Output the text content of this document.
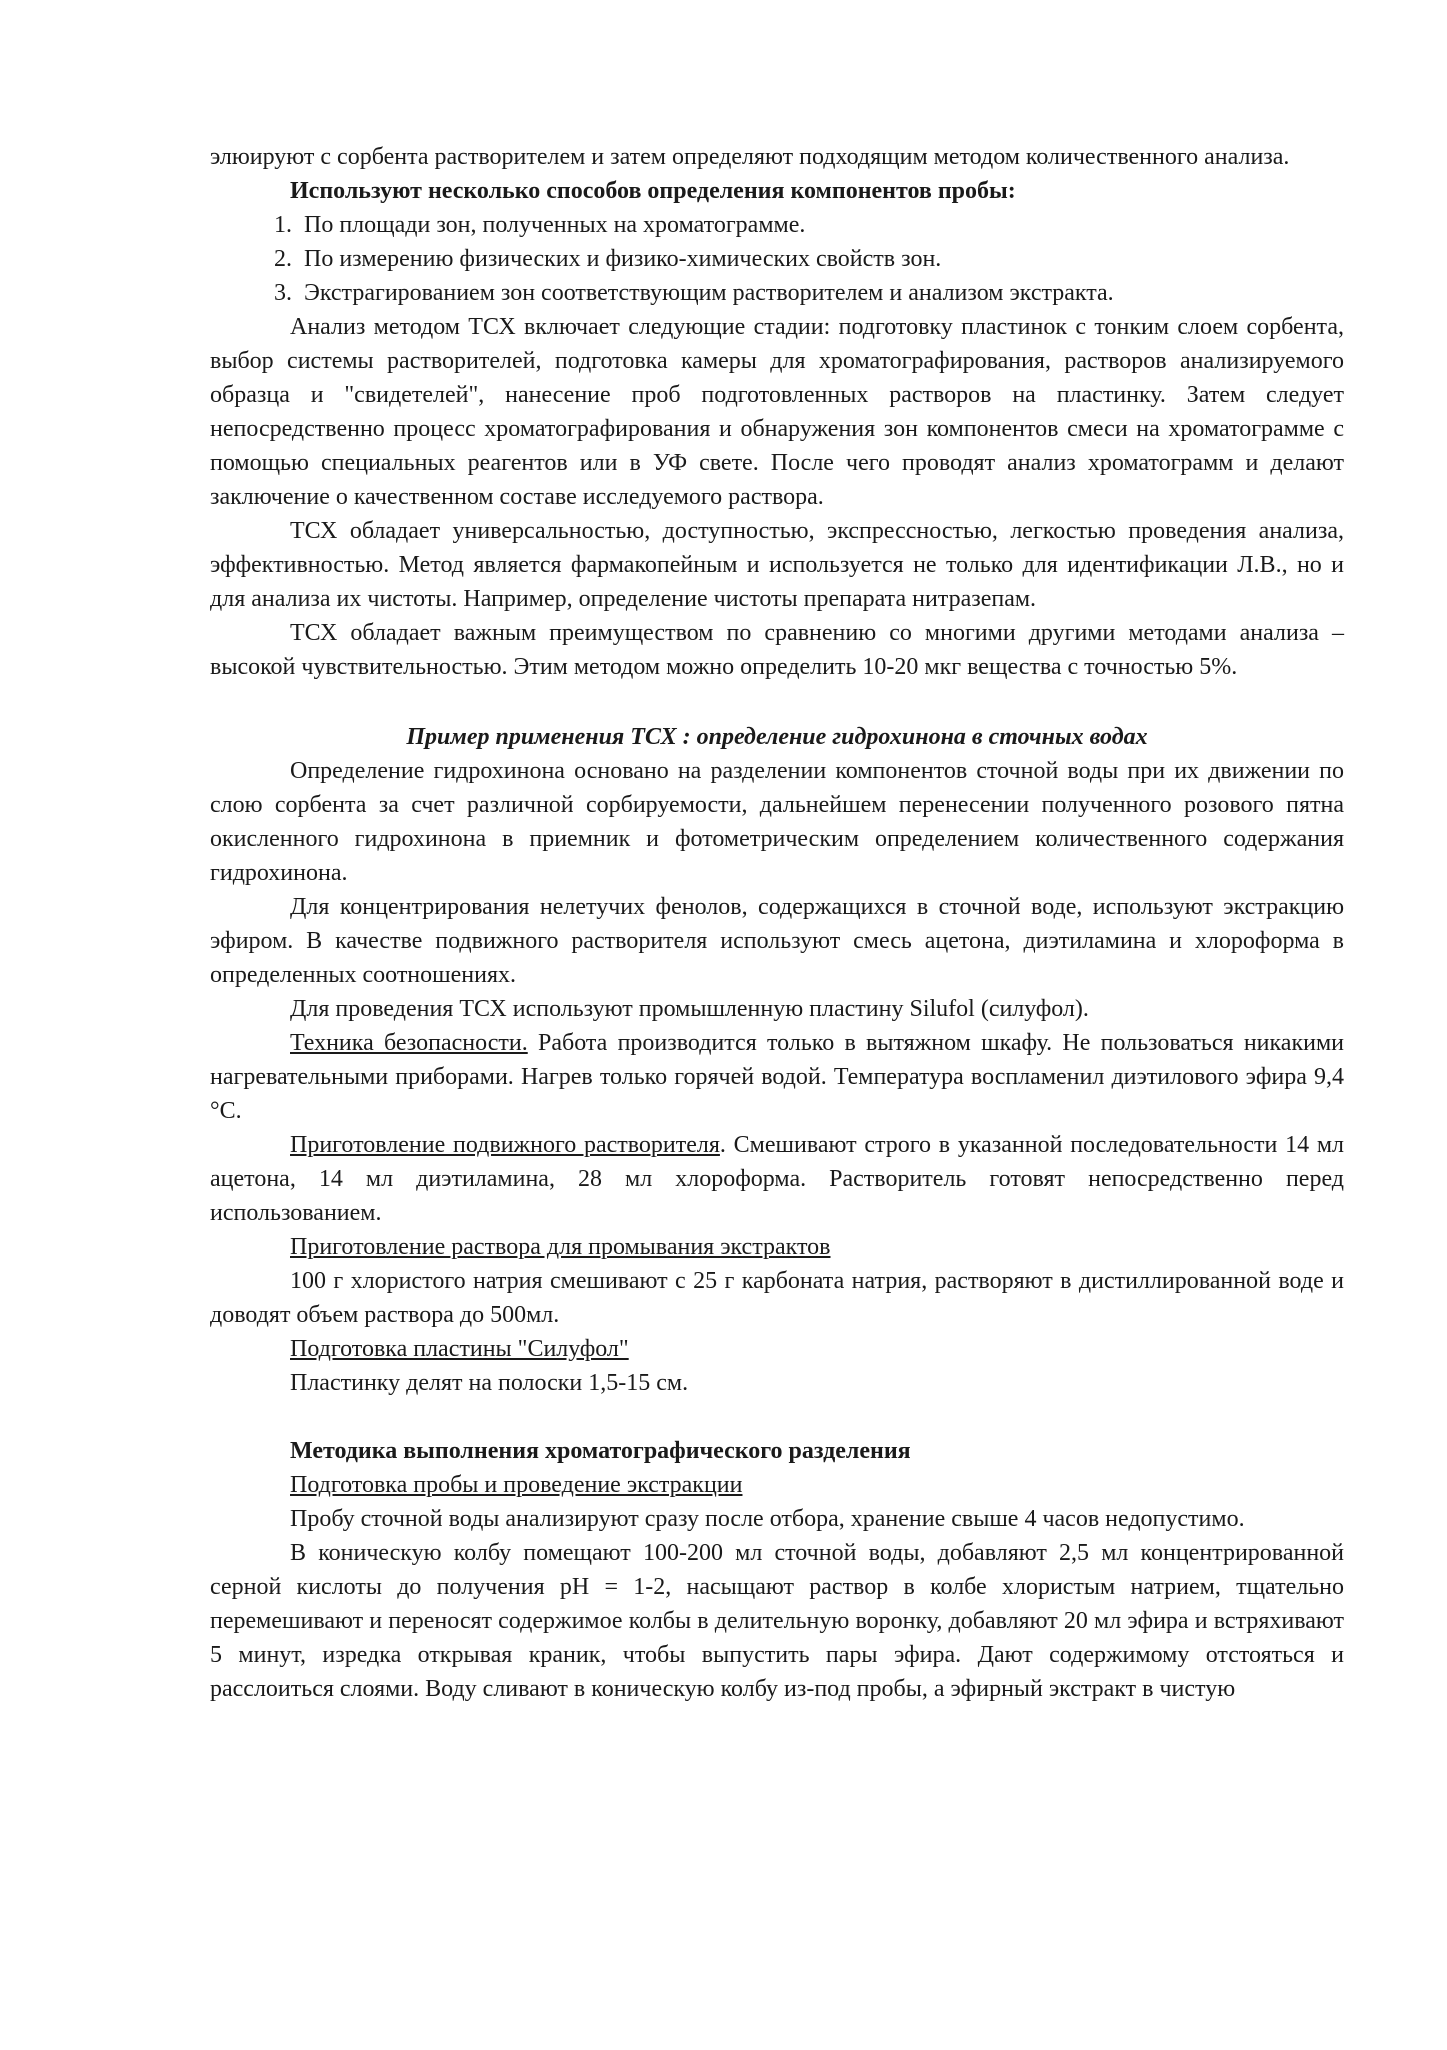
элюируют с сорбента растворителем и затем определяют подходящим методом количественного анализа.

Используют несколько способов определения компонентов пробы:

1. По площади зон, полученных на хроматограмме.
2. По измерению физических и физико-химических свойств зон.
3. Экстрагированием зон соответствующим растворителем и анализом экстракта.

Анализ методом ТСХ включает следующие стадии: подготовку пластинок с тонким слоем сорбента, выбор системы растворителей, подготовка камеры для хроматографирования, растворов анализируемого образца и "свидетелей", нанесение проб подготовленных растворов на пластинку. Затем следует непосредственно процесс хроматографирования и обнаружения зон компонентов смеси на хроматограмме с помощью специальных реагентов или в УФ свете. После чего проводят анализ хроматограмм и делают заключение о качественном составе исследуемого раствора.

ТСХ обладает универсальностью, доступностью, экспрессностью, легкостью проведения анализа, эффективностью. Метод является фармакопейным и используется не только для идентификации Л.В., но и для анализа их чистоты. Например, определение чистоты препарата нитразепам.

ТСХ обладает важным преимуществом по сравнению со многими другими методами анализа – высокой чувствительностью. Этим методом можно определить 10-20 мкг вещества с точностью 5%.

Пример применения ТСХ : определение гидрохинона в сточных водах

Определение гидрохинона основано на разделении компонентов сточной воды при их движении по слою сорбента за счет различной сорбируемости, дальнейшем перенесении полученного розового пятна окисленного гидрохинона в приемник и фотометрическим определением количественного содержания гидрохинона.

Для концентрирования нелетучих фенолов, содержащихся в сточной воде, используют экстракцию эфиром. В качестве подвижного растворителя используют смесь ацетона, диэтиламина и хлороформа в определенных соотношениях.

Для проведения ТСХ используют промышленную пластину Silufol (силуфол).

Техника безопасности. Работа производится только в вытяжном шкафу. Не пользоваться никакими нагревательными приборами. Нагрев только горячей водой. Температура воспламенил диэтилового эфира 9,4 °С.

Приготовление подвижного растворителя. Смешивают строго в указанной последовательности 14 мл ацетона, 14 мл диэтиламина, 28 мл хлороформа. Растворитель готовят непосредственно перед использованием.

Приготовление раствора для промывания экстрактов

100 г хлористого натрия смешивают с 25 г карбоната натрия, растворяют в дистиллированной воде и доводят объем раствора до 500мл.

Подготовка пластины "Силуфол"

Пластинку делят на полоски 1,5-15 см.

Методика выполнения хроматографического разделения

Подготовка пробы и проведение экстракции

Пробу сточной воды анализируют сразу после отбора, хранение свыше 4 часов недопустимо.

В коническую колбу помещают 100-200 мл сточной воды, добавляют 2,5 мл концентрированной серной кислоты до получения рН = 1-2, насыщают раствор в колбе хлористым натрием, тщательно перемешивают и переносят содержимое колбы в делительную воронку, добавляют 20 мл эфира и встряхивают 5 минут, изредка открывая краник, чтобы выпустить пары эфира. Дают содержимому отстояться и расслоиться слоями. Воду сливают в коническую колбу из-под пробы, а эфирный экстракт в чистую
